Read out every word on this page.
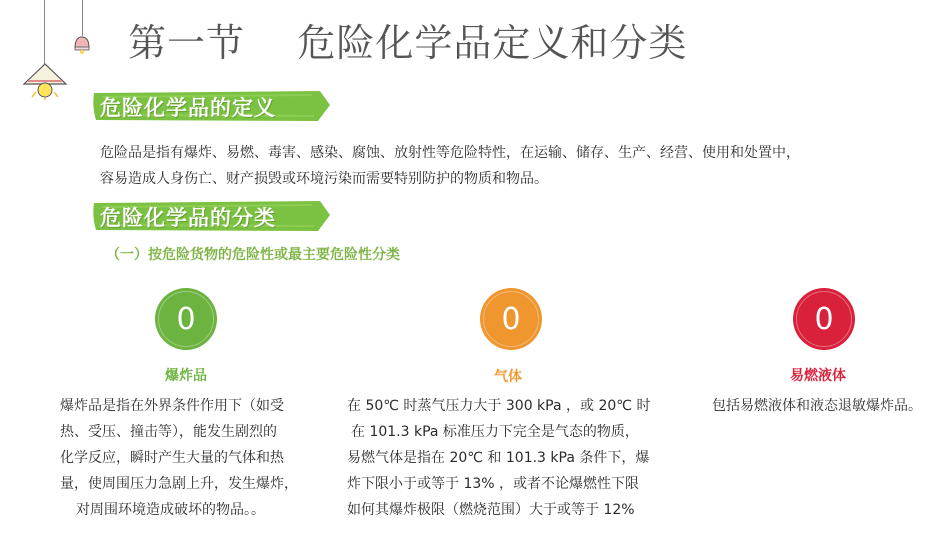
第一节    危险化学品定义和分类
危险化学品的定义

危险品是指有爆炸、易燃、毒害、感染、腐蚀、放射性等危险特性，在运输、储存、生产、经营、使用和处置中，

容易造成人身伤亡、财产损毁或环境污染而需要特别防护的物质和物品。

危险化学品的分类
（一）按危险货物的危险性或最主要危险性分类
0	0	0
爆炸品	气体	易燃液体
爆炸品是指在外界条件作用下（如受
热、受压、撞击等），能发生剧烈的
化学反应，瞬时产生大量的气体和热
量，使周围压力急剧上升，发生爆炸，
对周围环境造成破坏的物品。。
在 50℃ 时蒸气压力大于 300 kPa ，或 20℃ 时
在 101.3 kPa 标准压力下完全是气态的物质，
易燃气体是指在 20℃ 和 101.3 kPa 条件下，爆
炸下限小于或等于 13% ，或者不论爆燃性下限
如何其爆炸极限（燃烧范围）大于或等于 12%
包括易燃液体和液态退敏爆炸品。
